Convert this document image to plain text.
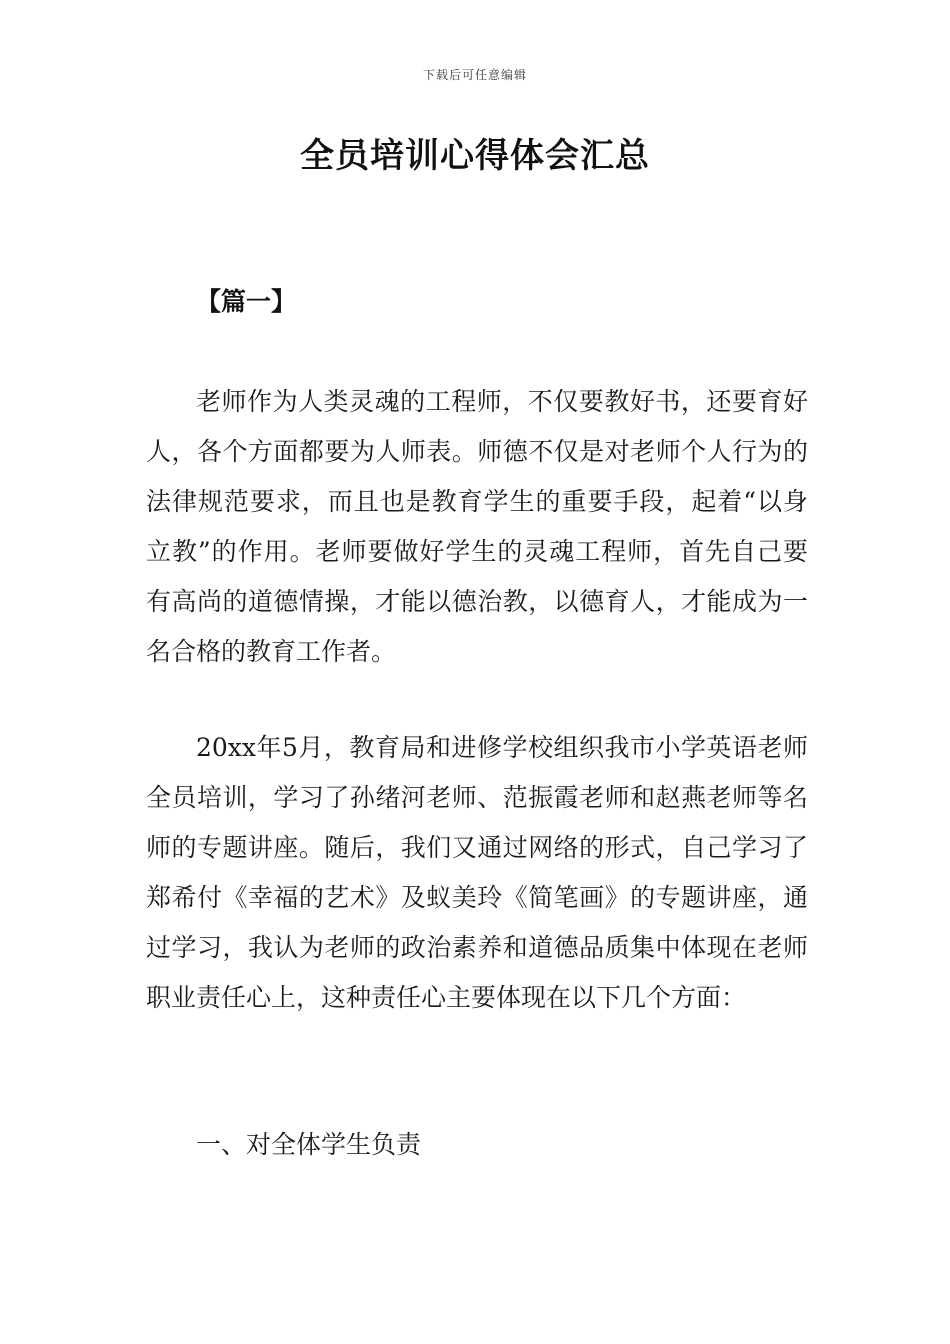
下载后可任意编辑
全员培训心得体会汇总
【篇一】

老师作为人类灵魂的工程师，不仅要教好书，还要育好人，各个方面都要为人师表。师德不仅是对老师个人行为的法律规范要求，而且也是教育学生的重要手段，起着“以身立教”的作用。老师要做好学生的灵魂工程师，首先自己要有高尚的道德情操，才能以德治教，以德育人，才能成为一名合格的教育工作者。

20xx年5月，教育局和进修学校组织我市小学英语老师全员培训，学习了孙绪河老师、范振霞老师和赵燕老师等名师的专题讲座。随后，我们又通过网络的形式，自己学习了郑希付《幸福的艺术》及蚁美玲《简笔画》的专题讲座，通过学习，我认为老师的政治素养和道德品质集中体现在老师职业责任心上，这种责任心主要体现在以下几个方面：

一、对全体学生负责
